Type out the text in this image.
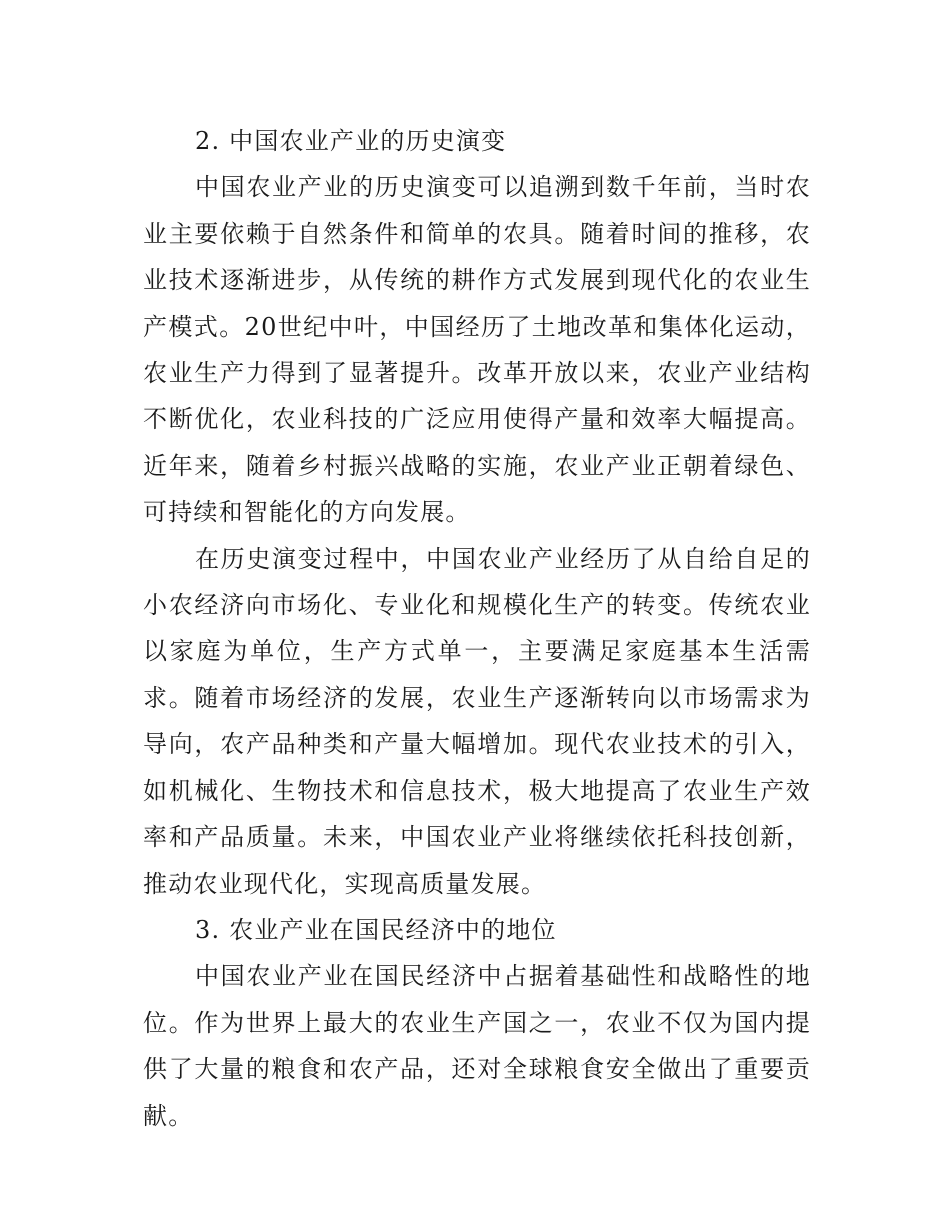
2. 中国农业产业的历史演变

中国农业产业的历史演变可以追溯到数千年前，当时农业主要依赖于自然条件和简单的农具。随着时间的推移，农业技术逐渐进步，从传统的耕作方式发展到现代化的农业生产模式。20世纪中叶，中国经历了土地改革和集体化运动，农业生产力得到了显著提升。改革开放以来，农业产业结构不断优化，农业科技的广泛应用使得产量和效率大幅提高。近年来，随着乡村振兴战略的实施，农业产业正朝着绿色、可持续和智能化的方向发展。

在历史演变过程中，中国农业产业经历了从自给自足的小农经济向市场化、专业化和规模化生产的转变。传统农业以家庭为单位，生产方式单一，主要满足家庭基本生活需求。随着市场经济的发展，农业生产逐渐转向以市场需求为导向，农产品种类和产量大幅增加。现代农业技术的引入，如机械化、生物技术和信息技术，极大地提高了农业生产效率和产品质量。未来，中国农业产业将继续依托科技创新，推动农业现代化，实现高质量发展。

3. 农业产业在国民经济中的地位

中国农业产业在国民经济中占据着基础性和战略性的地位。作为世界上最大的农业生产国之一，农业不仅为国内提供了大量的粮食和农产品，还对全球粮食安全做出了重要贡献。
